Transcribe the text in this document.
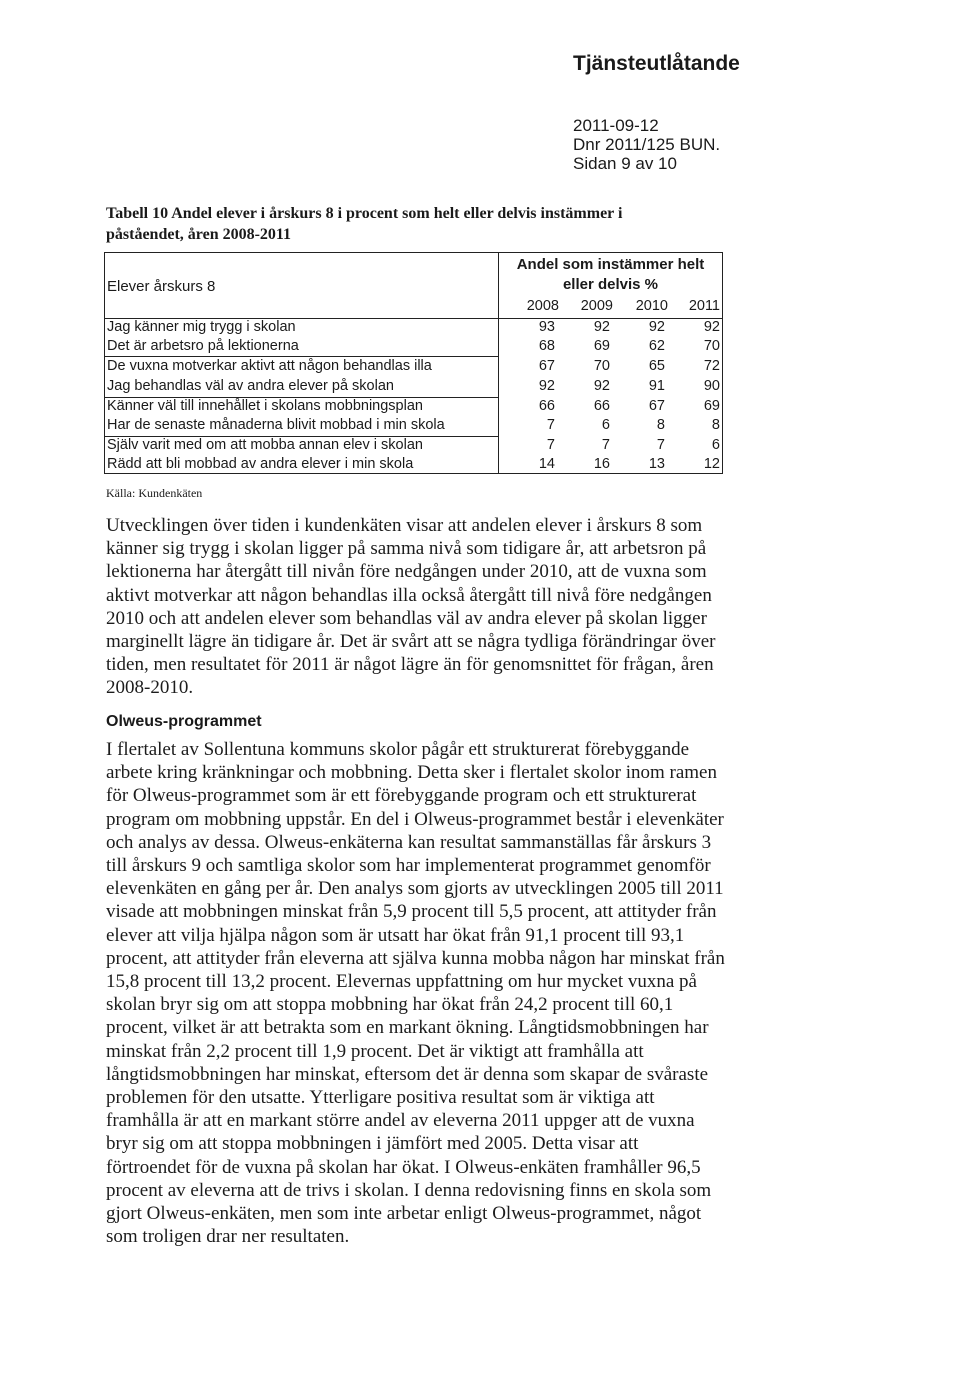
Tjänsteutlåtande
2011-09-12
Dnr 2011/125 BUN.
Sidan 9 av 10
Tabell 10 Andel elever i årskurs 8 i procent som helt eller delvis instämmer i påståendet, åren 2008-2011
Elever årskurs 8
Andel som instämmer helt
eller delvis %
2008	2009	2010	2011
Jag känner mig trygg i skolan	93	92	92	92
Det är arbetsro på lektionerna	68	69	62	70
De vuxna motverkar aktivt att någon behandlas illa	67	70	65	72
Jag behandlas väl av andra elever på skolan	92	92	91	90
Känner väl till innehållet i skolans mobbningsplan	66	66	67	69
Har de senaste månaderna blivit mobbad i min skola	7	6	8	8
Själv varit med om att mobba annan elev i skolan	7	7	7	6
Rädd att bli mobbad av andra elever i min skola	14	16	13	12
Källa: Kundenkäten
Utvecklingen över tiden i kundenkäten visar att andelen elever i årskurs 8 som känner sig trygg i skolan ligger på samma nivå som tidigare år, att arbetsron på lektionerna har återgått till nivån före nedgången under 2010, att de vuxna som aktivt motverkar att någon behandlas illa också återgått till nivå före nedgången 2010 och att andelen elever som behandlas väl av andra elever på skolan ligger marginellt lägre än tidigare år. Det är svårt att se några tydliga förändringar över tiden, men resultatet för 2011 är något lägre än för genomsnittet för frågan, åren 2008-2010.
Olweus-programmet
I flertalet av Sollentuna kommuns skolor pågår ett strukturerat förebyggande arbete kring kränkningar och mobbning. Detta sker i flertalet skolor inom ramen för Olweus-programmet som är ett förebyggande program och ett strukturerat program om mobbning uppstår. En del i Olweus-programmet består i elevenkäter och analys av dessa. Olweus-enkäterna kan resultat sammanställas får årskurs 3 till årskurs 9 och samtliga skolor som har implementerat programmet genomför elevenkäten en gång per år. Den analys som gjorts av utvecklingen 2005 till 2011 visade att mobbningen minskat från 5,9 procent till 5,5 procent, att attityder från elever att vilja hjälpa någon som är utsatt har ökat från 91,1 procent till 93,1 procent, att attityder från eleverna att själva kunna mobba någon har minskat från 15,8 procent till 13,2 procent. Elevernas uppfattning om hur mycket vuxna på skolan bryr sig om att stoppa mobbning har ökat från 24,2 procent till 60,1 procent, vilket är att betrakta som en markant ökning. Långtidsmobbningen har minskat från 2,2 procent till 1,9 procent. Det är viktigt att framhålla att långtidsmobbningen har minskat, eftersom det är denna som skapar de svåraste problemen för den utsatte. Ytterligare positiva resultat som är viktiga att framhålla är att en markant större andel av eleverna 2011 uppger att de vuxna bryr sig om att stoppa mobbningen i jämfört med 2005. Detta visar att förtroendet för de vuxna på skolan har ökat. I Olweus-enkäten framhåller 96,5 procent av eleverna att de trivs i skolan. I denna redovisning finns en skola som gjort Olweus-enkäten, men som inte arbetar enligt Olweus-programmet, något som troligen drar ner resultaten.
